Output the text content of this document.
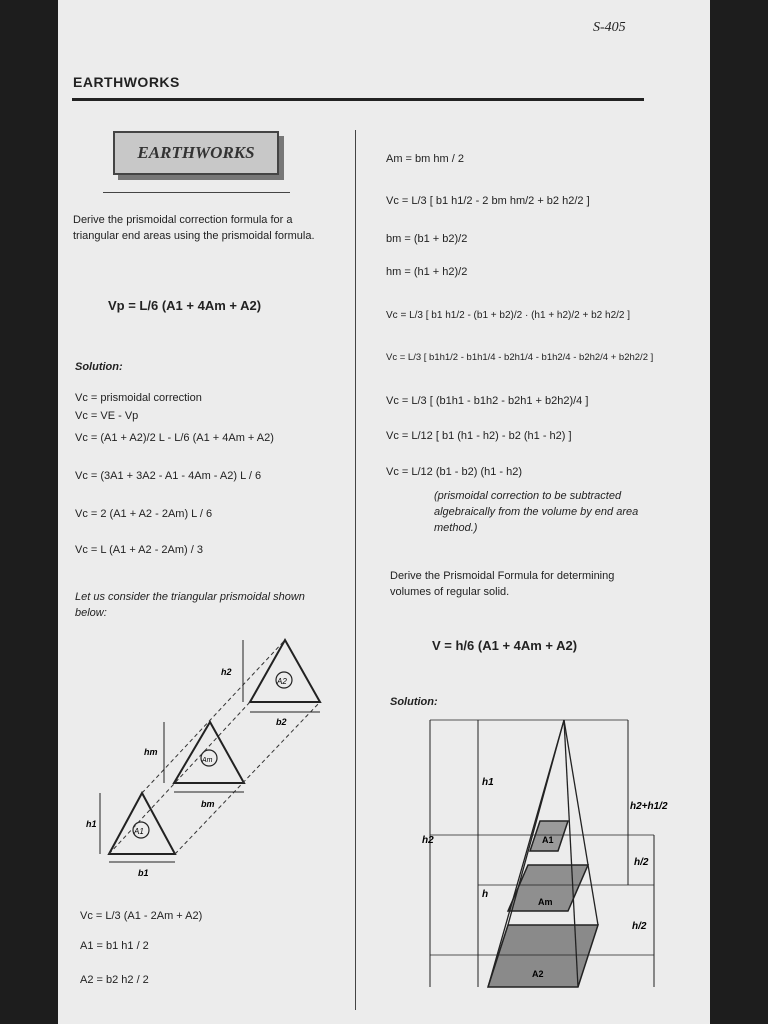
S-405
EARTHWORKS
EARTHWORKS
Derive the prismoidal correction formula for a triangular end areas using the prismoidal formula.
Vp = L/6 (A1 + 4Am + A2)
Solution:
Vc = prismoidal correction
Vc = VE - Vp
Vc = (A1 + A2)/2 L - L/6 (A1 + 4Am + A2)
Vc = (3A1 + 3A2 - A1 - 4Am - A2) L / 6
Vc = 2 (A1 + A2 - 2Am) L / 6
Vc = L (A1 + A2 - 2Am) / 3
Let us consider the triangular prismoidal shown below:
A2
Am
A1
h2
b2
hm
bm
h1
b1
Vc = L/3 (A1 - 2Am + A2)
A1 = b1 h1 / 2
A2 = b2 h2 / 2
Am = bm hm / 2
Vc = L/3 [ b1 h1/2 - 2 bm hm/2 + b2 h2/2 ]
bm = (b1 + b2)/2
hm = (h1 + h2)/2
Vc = L/3 [ b1 h1/2 - (b1 + b2)/2 · (h1 + h2)/2 + b2 h2/2 ]
Vc = L/3 [ b1h1/2 - b1h1/4 - b2h1/4 - b1h2/4 - b2h2/4 + b2h2/2 ]
Vc = L/3 [ (b1h1 - b1h2 - b2h1 + b2h2)/4 ]
Vc = L/12 [ b1 (h1 - h2) - b2 (h1 - h2) ]
Vc = L/12 (b1 - b2) (h1 - h2)
(prismoidal correction to be subtracted algebraically from the volume by end area method.)
Derive the Prismoidal Formula for determining volumes of regular solid.
V = h/6 (A1 + 4Am + A2)
Solution:
h1
h2
h
h2+h1/2
h/2
h/2
A1
Am
A2
